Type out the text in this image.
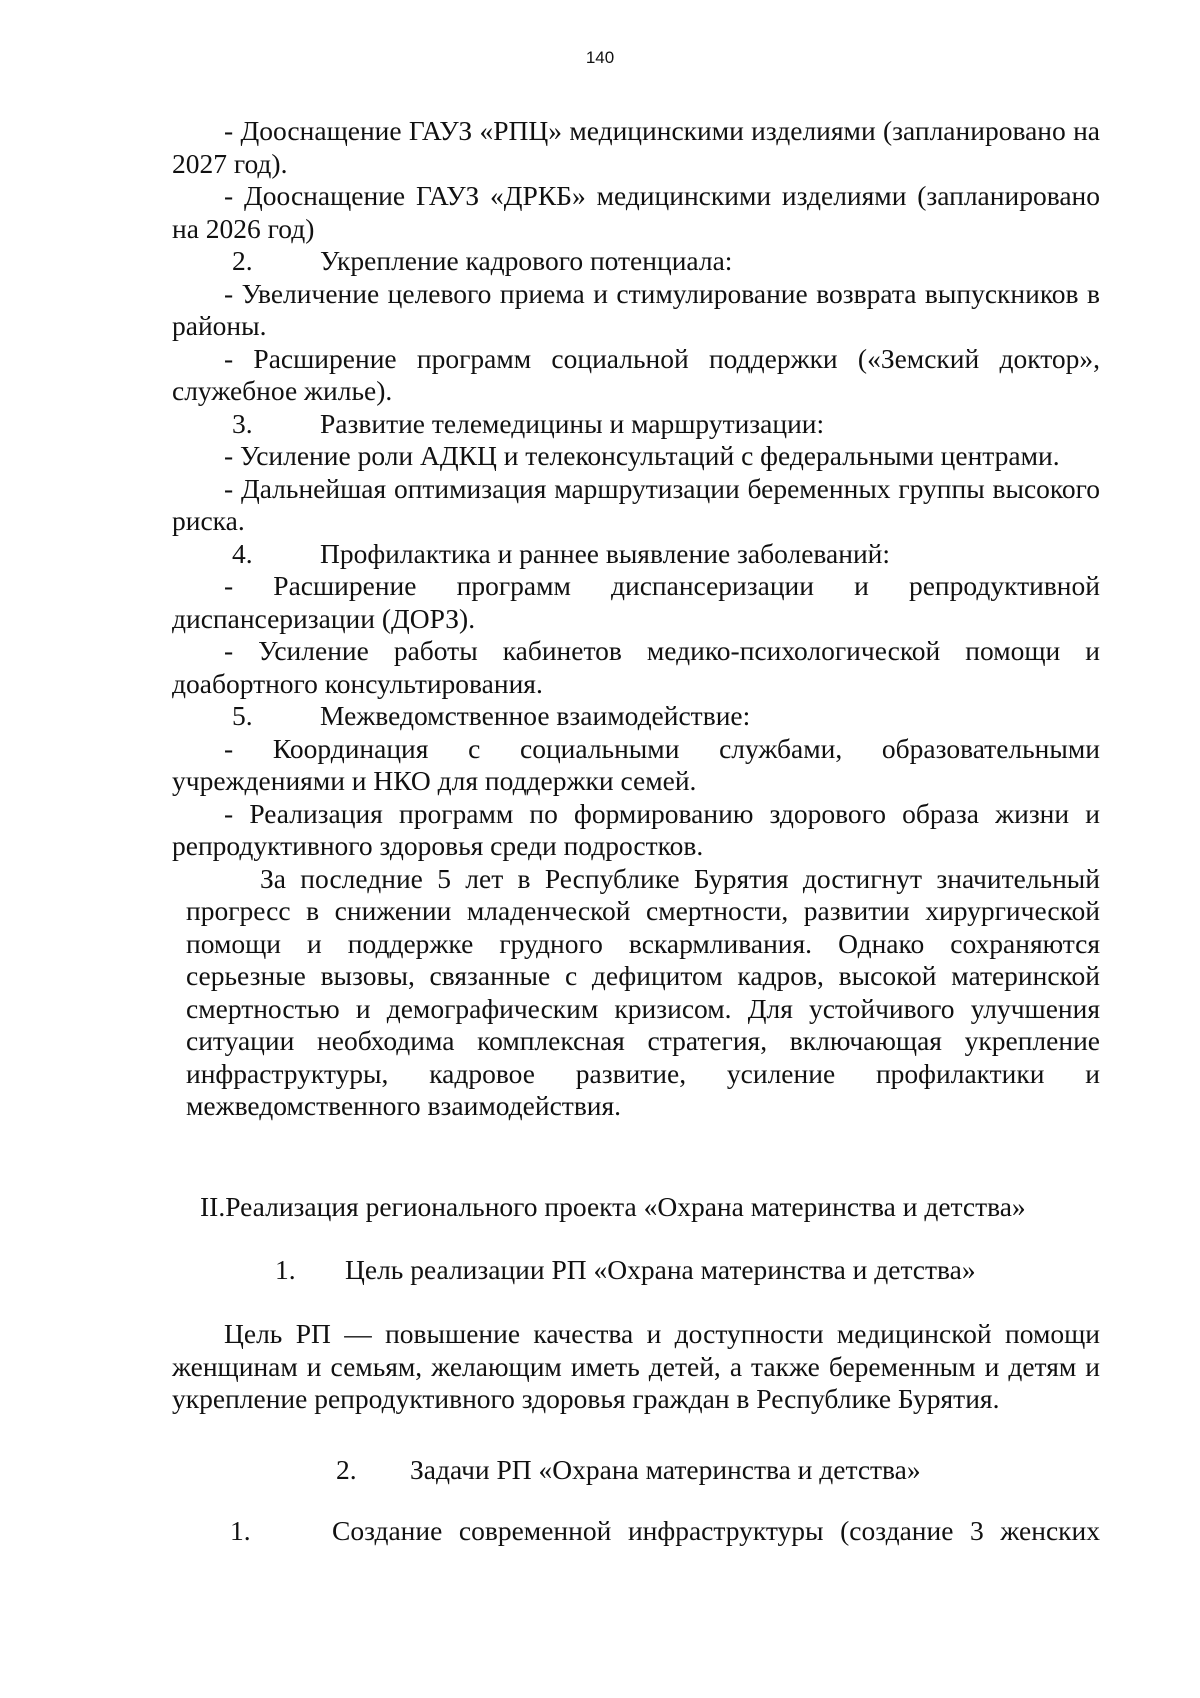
140

- Дооснащение ГАУЗ «РПЦ» медицинскими изделиями (запланировано на 2027 год).

- Дооснащение ГАУЗ «ДРКБ» медицинскими изделиями (запланировано на 2026 год)

2.	Укрепление кадрового потенциала:

- Увеличение целевого приема и стимулирование возврата выпускников в районы.

- Расширение программ социальной поддержки («Земский доктор», служебное жилье).

3.	Развитие телемедицины и маршрутизации:

- Усиление роли АДКЦ и телеконсультаций с федеральными центрами.

- Дальнейшая оптимизация маршрутизации беременных группы высокого риска.

4.	Профилактика и раннее выявление заболеваний:

- Расширение программ диспансеризации и репродуктивной диспансеризации (ДОРЗ).

- Усиление работы кабинетов медико-психологической помощи и доабортного консультирования.

5.	Межведомственное взаимодействие:

- Координация с социальными службами, образовательными учреждениями и НКО для поддержки семей.

- Реализация программ по формированию здорового образа жизни и репродуктивного здоровья среди подростков.

За последние 5 лет в Республике Бурятия достигнут значительный прогресс в снижении младенческой смертности, развитии хирургической помощи и поддержке грудного вскармливания. Однако сохраняются серьезные вызовы, связанные с дефицитом кадров, высокой материнской смертностью и демографическим кризисом. Для устойчивого улучшения ситуации необходима комплексная стратегия, включающая укрепление инфраструктуры, кадровое развитие, усиление профилактики и межведомственного взаимодействия.

II.Реализация регионального проекта «Охрана материнства и детства»
1.	Цель реализации РП «Охрана материнства и детства»

Цель РП — повышение качества и доступности медицинской помощи женщинам и семьям, желающим иметь детей, а также беременным и детям и укрепление репродуктивного здоровья граждан в Республике Бурятия.

2.	Задачи РП «Охрана материнства и детства»
1.	Создание современной инфраструктуры (создание 3 женских
